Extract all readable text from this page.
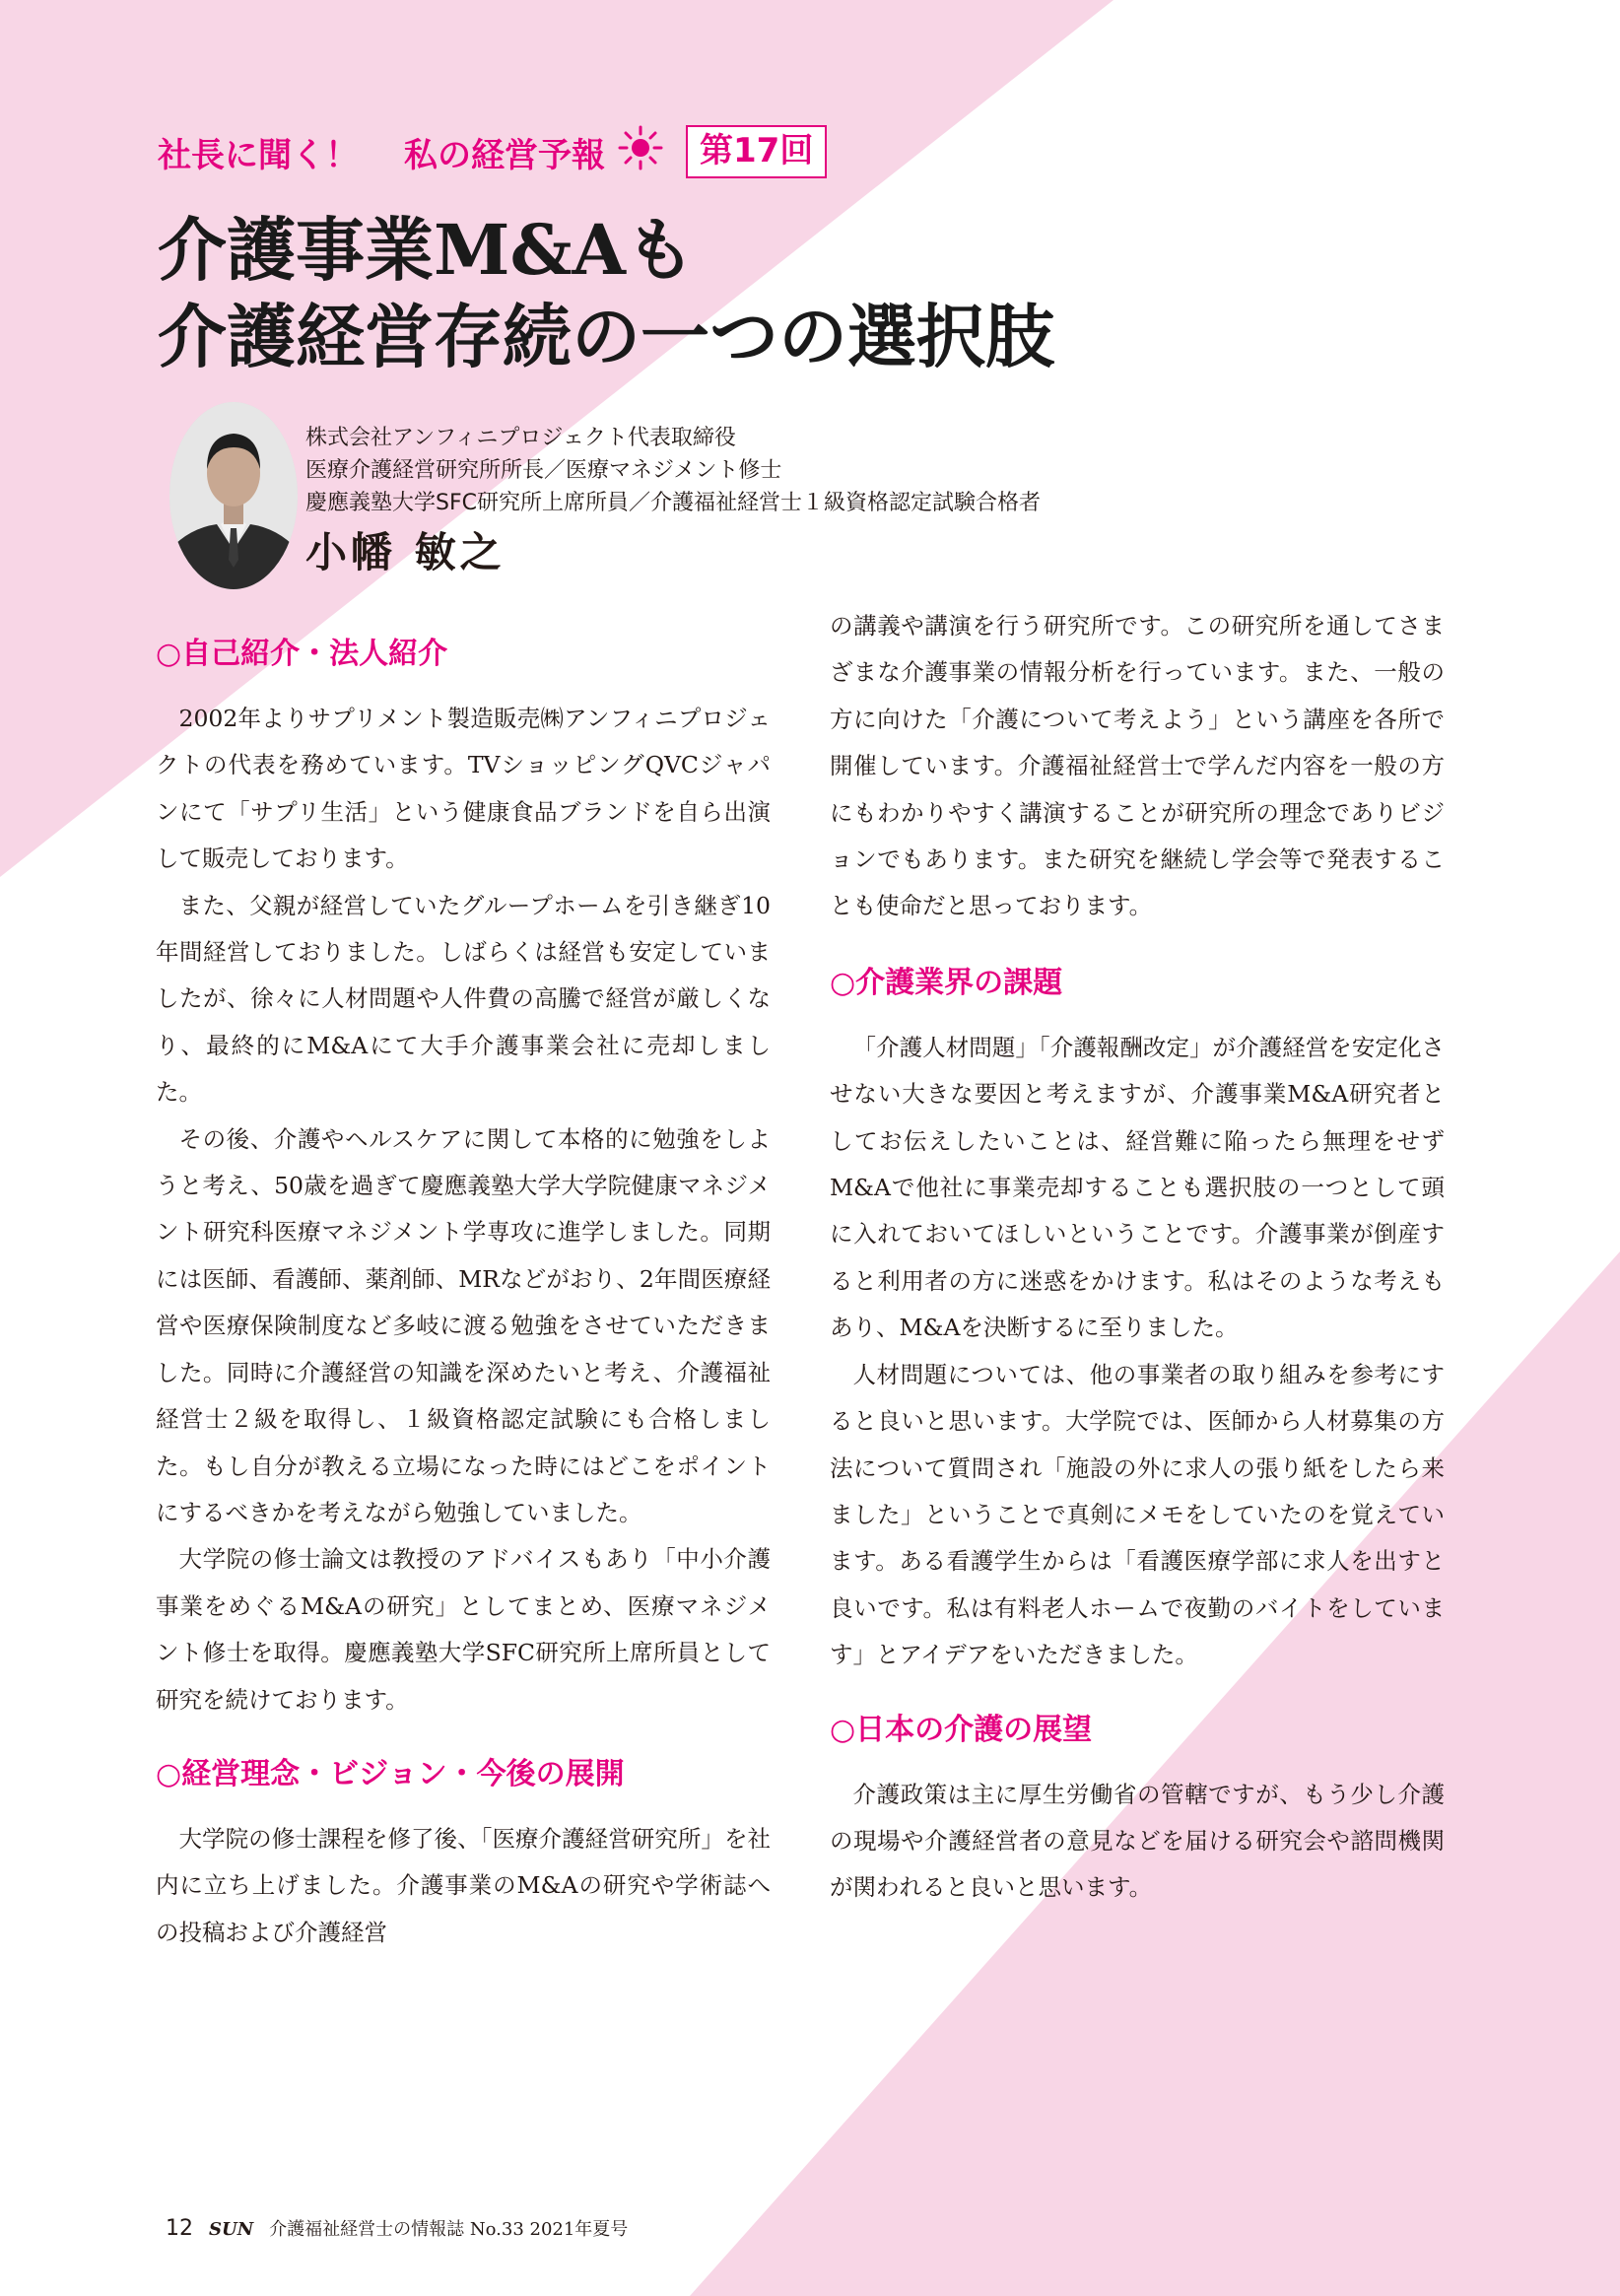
社長に聞く！ 私の経営予報	第17回
介護事業M&Aも
介護経営存続の一つの選択肢
株式会社アンフィニプロジェクト代表取締役
医療介護経営研究所所長／医療マネジメント修士
慶應義塾大学SFC研究所上席所員／介護福祉経営士１級資格認定試験合格者
小幡 敏之
○自己紹介・法人紹介

2002年よりサプリメント製造販売㈱アンフィニプロジェクトの代表を務めています。TVショッピングQVCジャパンにて「サプリ生活」という健康食品ブランドを自ら出演して販売しております。

また、父親が経営していたグループホームを引き継ぎ10年間経営しておりました。しばらくは経営も安定していましたが、徐々に人材問題や人件費の高騰で経営が厳しくなり、最終的にM&Aにて大手介護事業会社に売却しました。

その後、介護やヘルスケアに関して本格的に勉強をしようと考え、50歳を過ぎて慶應義塾大学大学院健康マネジメント研究科医療マネジメント学専攻に進学しました。同期には医師、看護師、薬剤師、MRなどがおり、2年間医療経営や医療保険制度など多岐に渡る勉強をさせていただきました。同時に介護経営の知識を深めたいと考え、介護福祉経営士２級を取得し、１級資格認定試験にも合格しました。もし自分が教える立場になった時にはどこをポイントにするべきかを考えながら勉強していました。

大学院の修士論文は教授のアドバイスもあり「中小介護事業をめぐるM&Aの研究」としてまとめ、医療マネジメント修士を取得。慶應義塾大学SFC研究所上席所員として研究を続けております。

○経営理念・ビジョン・今後の展開

大学院の修士課程を修了後、「医療介護経営研究所」を社内に立ち上げました。介護事業のM&Aの研究や学術誌への投稿および介護経営

の講義や講演を行う研究所です。この研究所を通してさまざまな介護事業の情報分析を行っています。また、一般の方に向けた「介護について考えよう」という講座を各所で開催しています。介護福祉経営士で学んだ内容を一般の方にもわかりやすく講演することが研究所の理念でありビジョンでもあります。また研究を継続し学会等で発表することも使命だと思っております。

○介護業界の課題

「介護人材問題」「介護報酬改定」が介護経営を安定化させない大きな要因と考えますが、介護事業M&A研究者としてお伝えしたいことは、経営難に陥ったら無理をせずM&Aで他社に事業売却することも選択肢の一つとして頭に入れておいてほしいということです。介護事業が倒産すると利用者の方に迷惑をかけます。私はそのような考えもあり、M&Aを決断するに至りました。

人材問題については、他の事業者の取り組みを参考にすると良いと思います。大学院では、医師から人材募集の方法について質問され「施設の外に求人の張り紙をしたら来ました」ということで真剣にメモをしていたのを覚えています。ある看護学生からは「看護医療学部に求人を出すと良いです。私は有料老人ホームで夜勤のバイトをしています」とアイデアをいただきました。

○日本の介護の展望

介護政策は主に厚生労働省の管轄ですが、もう少し介護の現場や介護経営者の意見などを届ける研究会や諮問機関が関われると良いと思います。

12 SUN 介護福祉経営士の情報誌 No.33 2021年夏号
